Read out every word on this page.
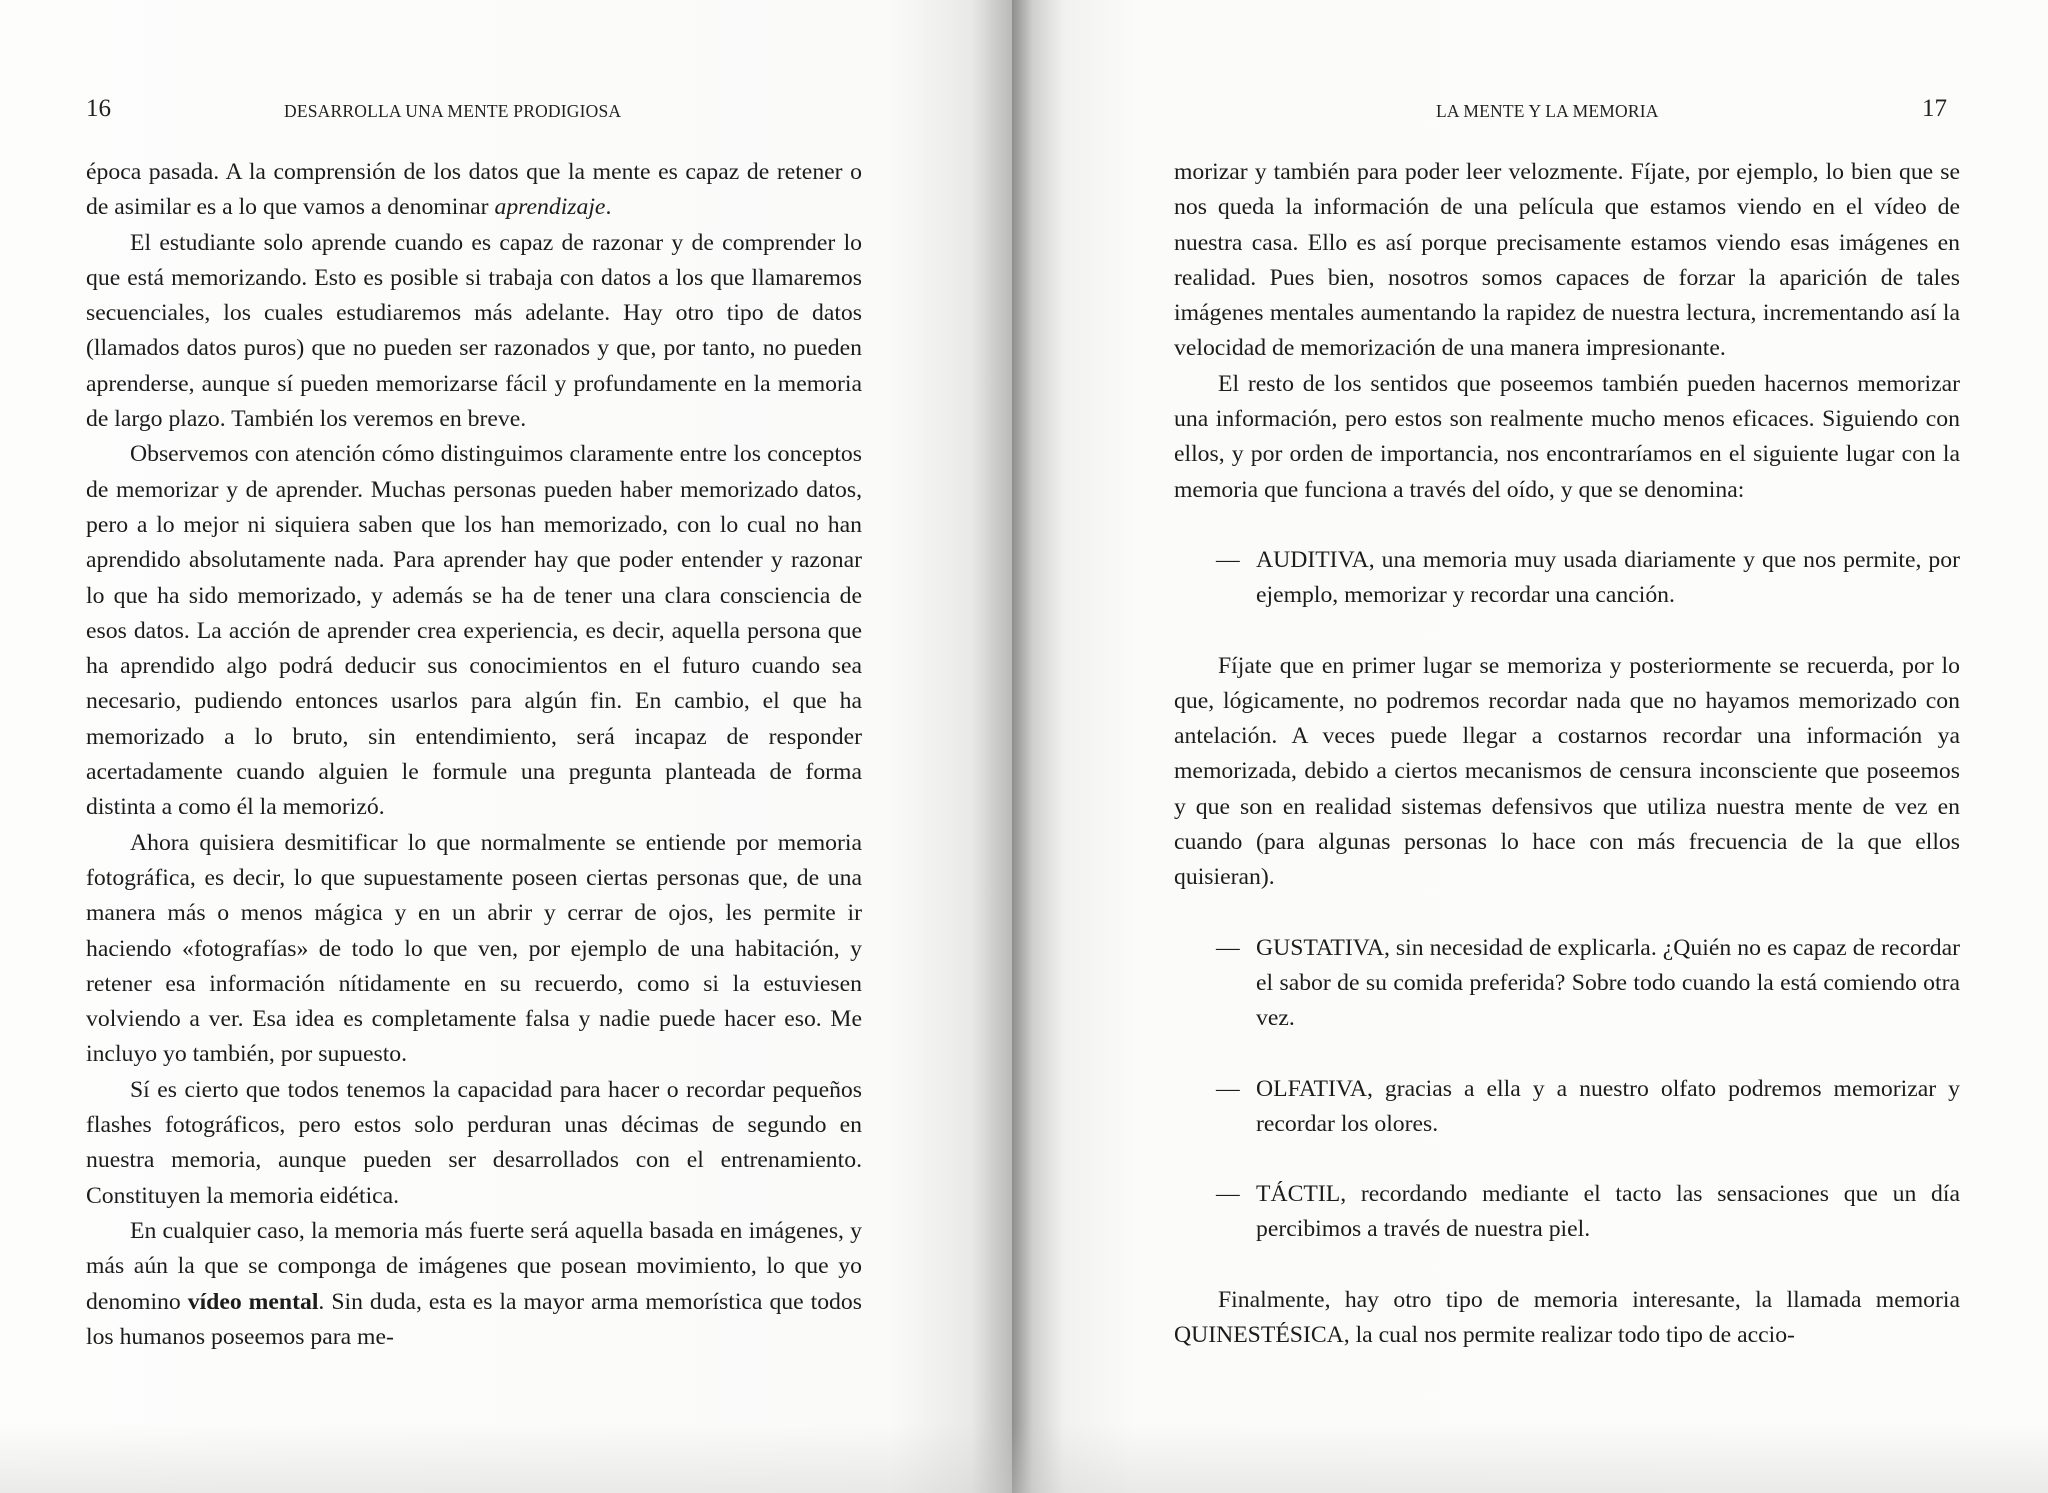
16	DESARROLLA UNA MENTE PRODIGIOSA

época pasada. A la comprensión de los datos que la mente es capaz de retener o de asimilar es a lo que vamos a denominar aprendizaje.

El estudiante solo aprende cuando es capaz de razonar y de comprender lo que está memorizando. Esto es posible si trabaja con datos a los que llamaremos secuenciales, los cuales estudiaremos más adelante. Hay otro tipo de datos (llamados datos puros) que no pueden ser razonados y que, por tanto, no pueden aprenderse, aunque sí pueden memorizarse fácil y profundamente en la memoria de largo plazo. También los veremos en breve.

Observemos con atención cómo distinguimos claramente entre los conceptos de memorizar y de aprender. Muchas personas pueden haber memorizado datos, pero a lo mejor ni siquiera saben que los han memorizado, con lo cual no han aprendido absolutamente nada. Para aprender hay que poder entender y razonar lo que ha sido memorizado, y además se ha de tener una clara consciencia de esos datos. La acción de aprender crea experiencia, es decir, aquella persona que ha aprendido algo podrá deducir sus conocimientos en el futuro cuando sea necesario, pudiendo entonces usarlos para algún fin. En cambio, el que ha memorizado a lo bruto, sin entendimiento, será incapaz de responder acertadamente cuando alguien le formule una pregunta planteada de forma distinta a como él la memorizó.

Ahora quisiera desmitificar lo que normalmente se entiende por memoria fotográfica, es decir, lo que supuestamente poseen ciertas personas que, de una manera más o menos mágica y en un abrir y cerrar de ojos, les permite ir haciendo «fotografías» de todo lo que ven, por ejemplo de una habitación, y retener esa información nítidamente en su recuerdo, como si la estuviesen volviendo a ver. Esa idea es completamente falsa y nadie puede hacer eso. Me incluyo yo también, por supuesto.

Sí es cierto que todos tenemos la capacidad para hacer o recordar pequeños flashes fotográficos, pero estos solo perduran unas décimas de segundo en nuestra memoria, aunque pueden ser desarrollados con el entrenamiento. Constituyen la memoria eidética.

En cualquier caso, la memoria más fuerte será aquella basada en imágenes, y más aún la que se componga de imágenes que posean movimiento, lo que yo denomino vídeo mental. Sin duda, esta es la mayor arma memorística que todos los humanos poseemos para me-

LA MENTE Y LA MEMORIA	17

morizar y también para poder leer velozmente. Fíjate, por ejemplo, lo bien que se nos queda la información de una película que estamos viendo en el vídeo de nuestra casa. Ello es así porque precisamente estamos viendo esas imágenes en realidad. Pues bien, nosotros somos capaces de forzar la aparición de tales imágenes mentales aumentando la rapidez de nuestra lectura, incrementando así la velocidad de memorización de una manera impresionante.

El resto de los sentidos que poseemos también pueden hacernos memorizar una información, pero estos son realmente mucho menos eficaces. Siguiendo con ellos, y por orden de importancia, nos encontraríamos en el siguiente lugar con la memoria que funciona a través del oído, y que se denomina:

— AUDITIVA, una memoria muy usada diariamente y que nos permite, por ejemplo, memorizar y recordar una canción.

Fíjate que en primer lugar se memoriza y posteriormente se recuerda, por lo que, lógicamente, no podremos recordar nada que no hayamos memorizado con antelación. A veces puede llegar a costarnos recordar una información ya memorizada, debido a ciertos mecanismos de censura inconsciente que poseemos y que son en realidad sistemas defensivos que utiliza nuestra mente de vez en cuando (para algunas personas lo hace con más frecuencia de la que ellos quisieran).

— GUSTATIVA, sin necesidad de explicarla. ¿Quién no es capaz de recordar el sabor de su comida preferida? Sobre todo cuando la está comiendo otra vez.
— OLFATIVA, gracias a ella y a nuestro olfato podremos memorizar y recordar los olores.
— TÁCTIL, recordando mediante el tacto las sensaciones que un día percibimos a través de nuestra piel.

Finalmente, hay otro tipo de memoria interesante, la llamada memoria QUINESTÉSICA, la cual nos permite realizar todo tipo de accio-
